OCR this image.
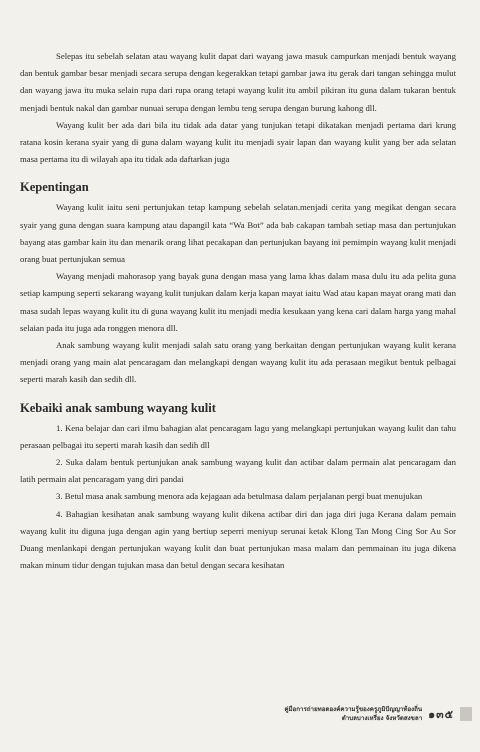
Selepas itu sebelah selatan atau wayang kulit dapat dari wayang jawa masuk campurkan menjadi bentuk wayang dan bentuk gambar besar menjadi secara serupa dengan kegerakkan tetapi gambar jawa itu gerak dari tangan sehingga mulut dan wayang jawa itu muka selain rupa dari rupa orang tetapi wayang kulit itu ambil pikiran itu guna dalam tukaran bentuk menjadi bentuk nakal dan gambar nunuai serupa dengan lembu teng serupa dengan burung kahong dll.

Wayang kulit ber ada dari bila itu tidak ada datar yang tunjukan tetapi dikatakan menjadi pertama dari krung ratana kosin kerana syair yang di guna dalam wayang kulit itu menjadi syair lapan dan wayang kulit yang ber ada selatan masa pertama itu di wilayah apa itu tidak ada daftarkan juga

Kepentingan

Wayang kulit iaitu seni pertunjukan tetap kampung sebelah selatan.menjadi cerita yang megikat dengan secara syair yang guna dengan suara kampung atau dapangil kata “Wa Bot” ada bab cakapan tambah setiap masa dan pertunjukan bayang atas gambar kain itu dan menarik orang lihat pecakapan dan pertunjukan bayang ini pemimpin wayang kulit menjadi orang buat pertunjukan semua

Wayang menjadi mahorasop yang bayak guna dengan masa yang lama khas dalam masa dulu itu ada pelita guna setiap kampung seperti sekarang wayang kulit tunjukan dalam kerja kapan mayat iaitu Wad atau kapan mayat orang mati dan masa sudah lepas wayang kulit itu di guna wayang kulit itu menjadi media kesukaan yang kena cari dalam harga yang mahal selaian pada itu juga ada ronggen menora dll.

Anak sambung wayang kulit menjadi salah satu orang yang berkaitan dengan pertunjukan wayang kulit kerana menjadi orang yang main alat pencaragam dan melangkapi dengan wayang kulit itu ada perasaan megikut bentuk pelbagai seperti marah kasih dan sedih dll.

Kebaiki anak sambung wayang kulit

1. Kena belajar dan cari ilmu bahagian alat pencaragam lagu yang melangkapi pertunjukan wayang kulit dan tahu perasaan pelbagai itu seperti marah kasih dan sedih dll

2. Suka dalam bentuk pertunjukan anak sambung wayang kulit dan actibar dalam permain alat pencaragam dan latih permain alat pencaragam yang diri pandai

3. Betul masa anak sambung menora ada kejagaan ada betulmasa dalam perjalanan pergi buat menujukan

4. Bahagian kesihatan anak sambung wayang kulit dikena actibar diri dan jaga diri juga Kerana dalam pemain wayang kulit itu diguna juga dengan agin yang bertiup seperri meniyup serunai ketak Klong Tan Mong Cing Sor Au Sor Duang menlankapi dengan pertunjukan wayang kulit dan buat pertunjukan masa malam dan pemmainan itu juga dikena makan minum tidur dengan tujukan masa dan betul dengan secara kesihatan

คู่มือการถ่ายทอดองค์ความรู้ของครูภูมิปัญญาท้องถิ่น
ตำบลบางเหรี่ยง จังหวัดสงขลา ๑๓๕
